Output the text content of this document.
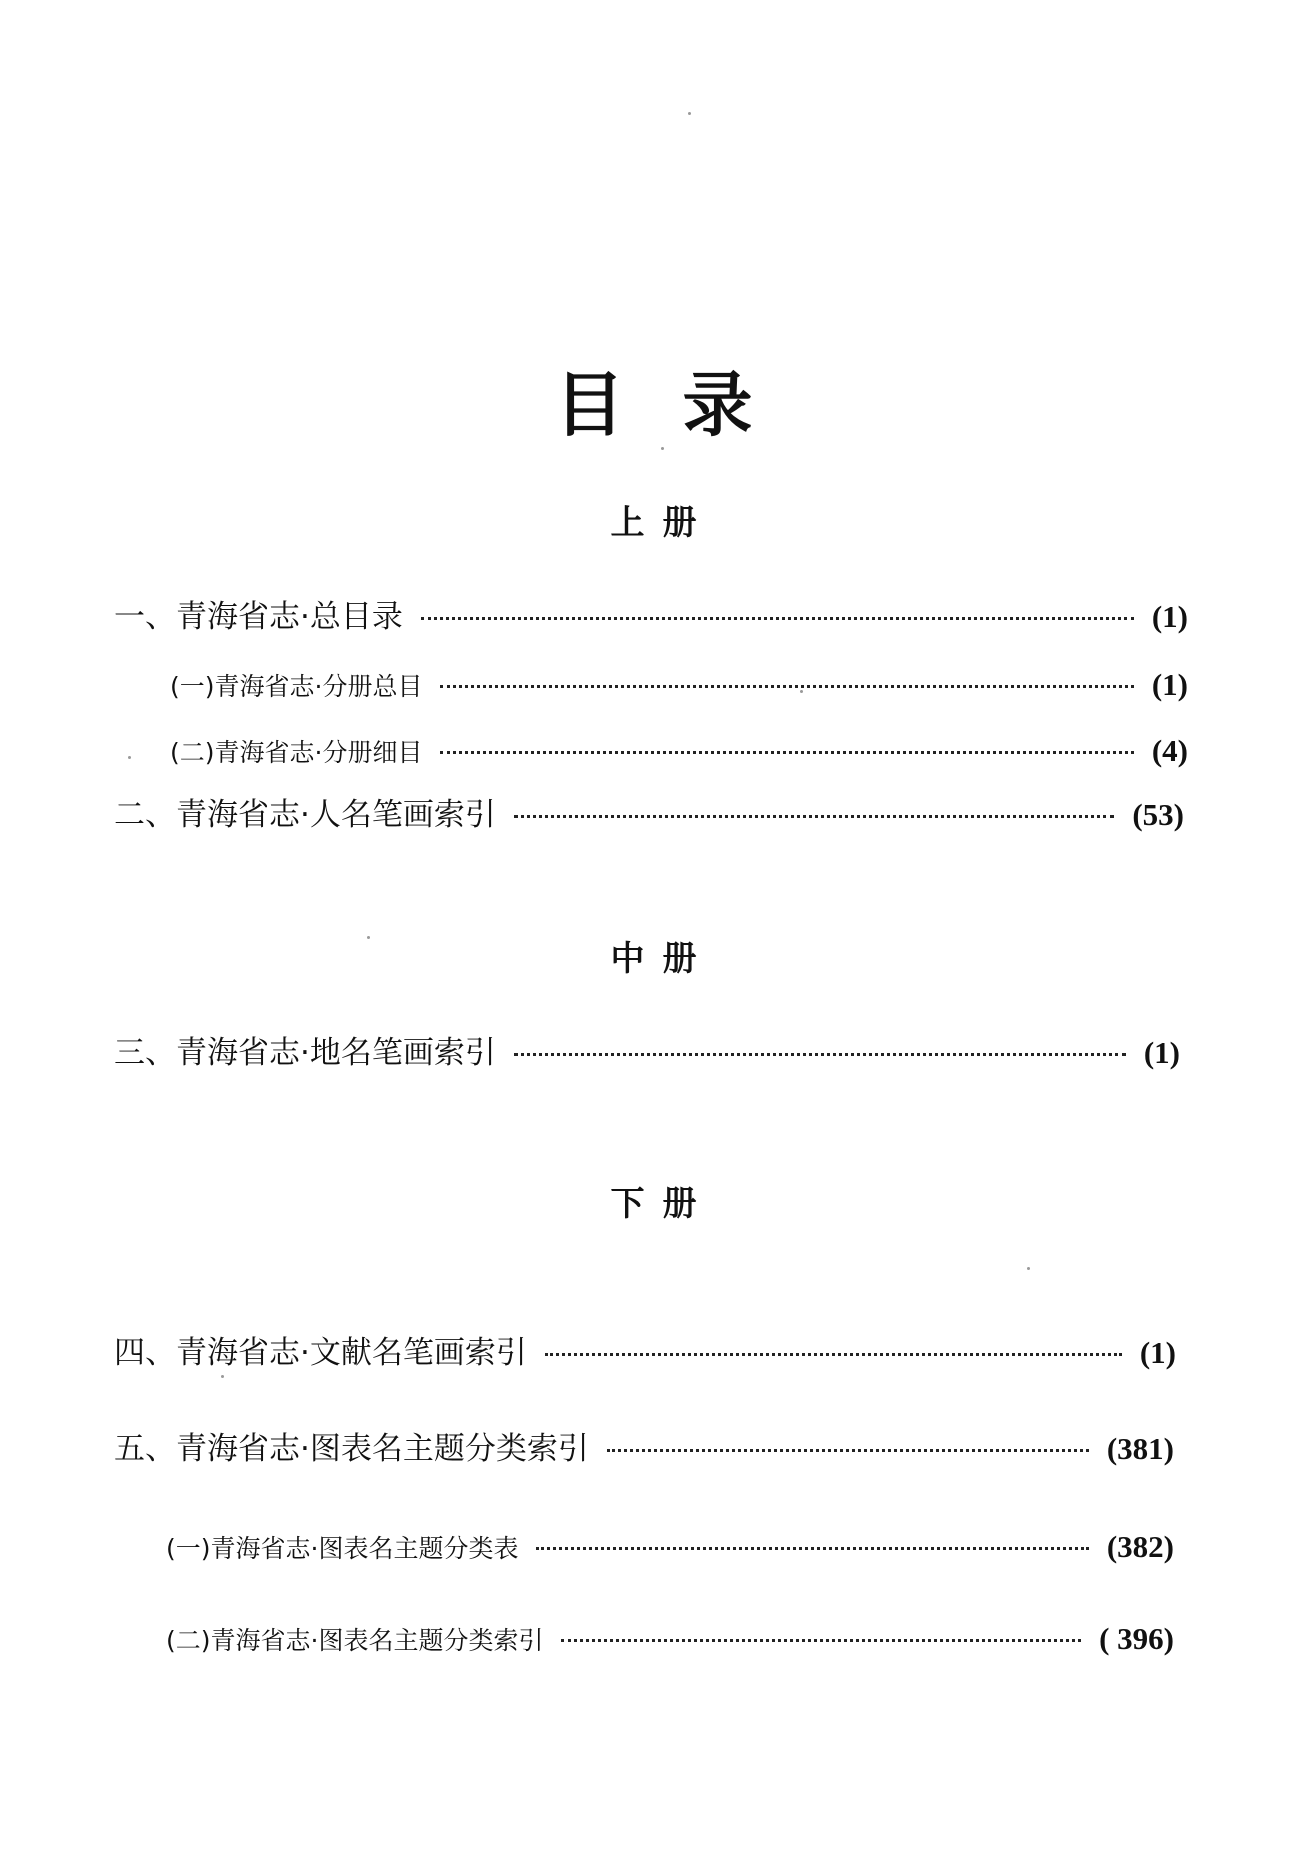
目录
上册
一、青海省志·总目录	(1)
(一)青海省志·分册总目	(1)
(二)青海省志·分册细目	(4)
二、青海省志·人名笔画索引	(53)
中册
三、青海省志·地名笔画索引	(1)
下册
四、青海省志·文献名笔画索引	(1)
五、青海省志·图表名主题分类索引	(381)
(一)青海省志·图表名主题分类表	(382)
(二)青海省志·图表名主题分类索引	( 396)
